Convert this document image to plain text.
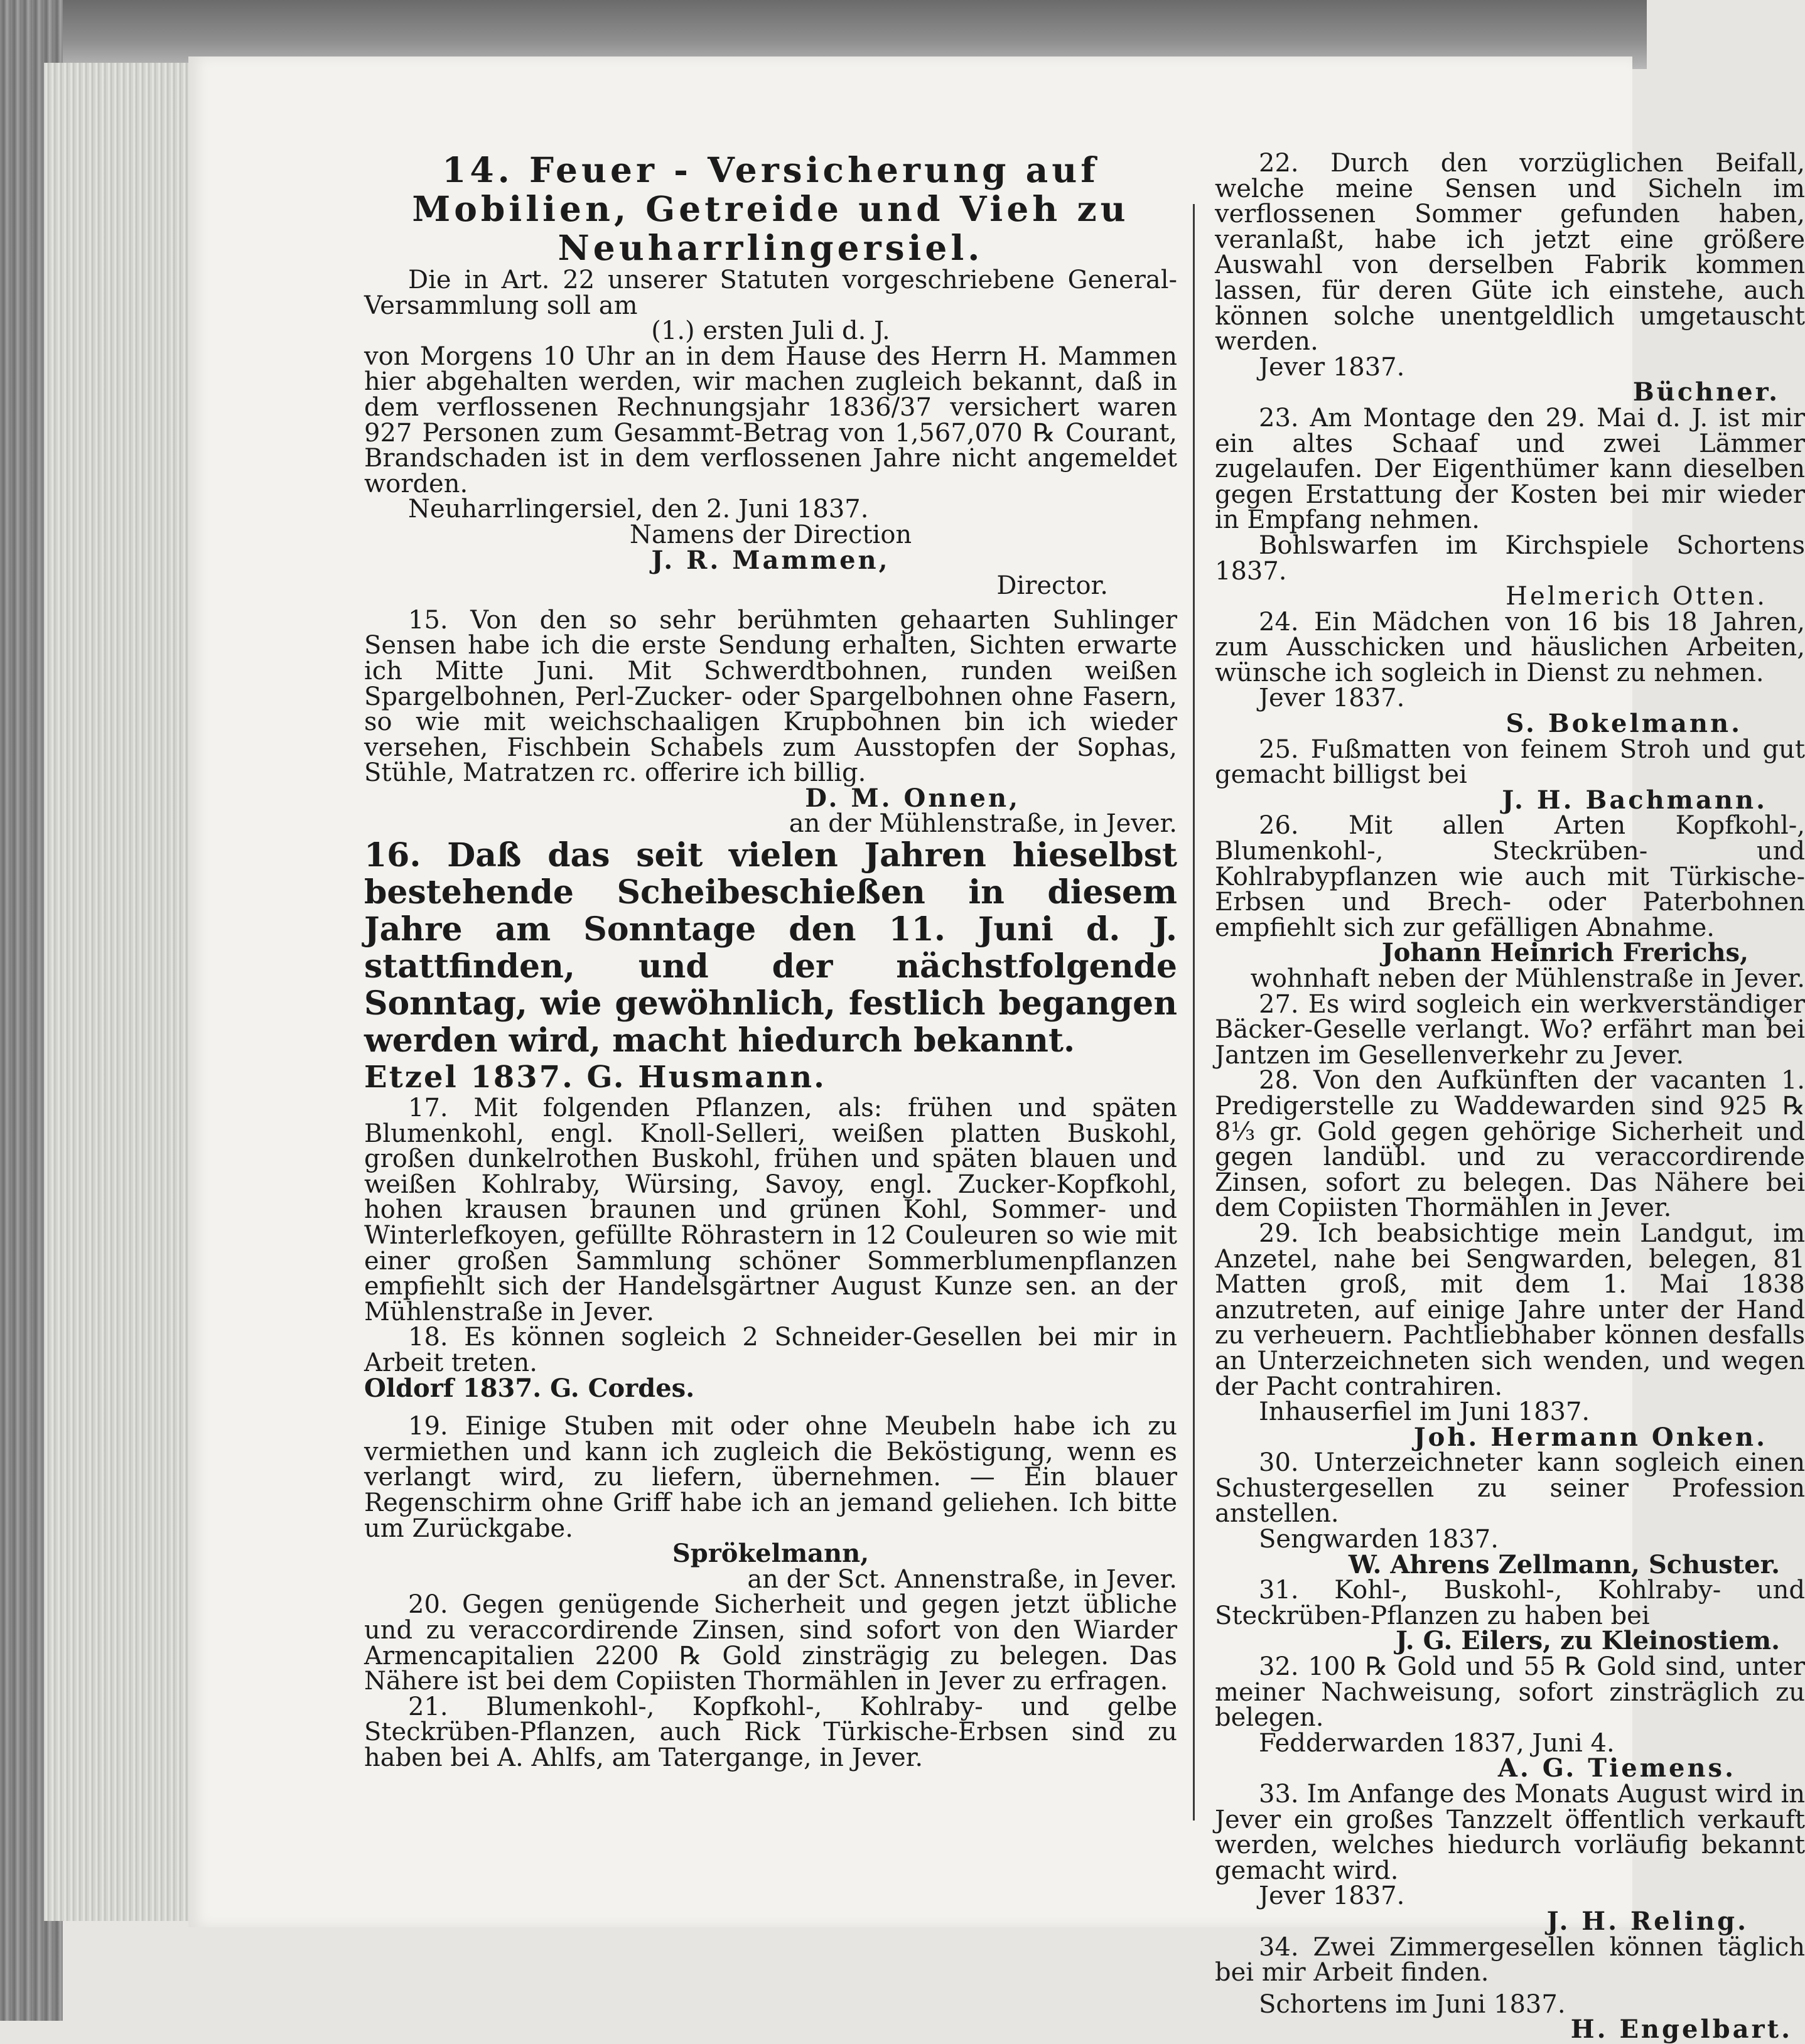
14. Feuer - Versicherung auf Mobilien, Getreide und Vieh zu Neuharrlingersiel.

Die in Art. 22 unserer Statuten vorgeschriebene General-Versammlung soll am

(1.) ersten Juli d. J.

von Morgens 10 Uhr an in dem Hause des Herrn H. Mammen hier abgehalten werden, wir machen zugleich bekannt, daß in dem verflossenen Rechnungsjahr 1836/37 versichert waren 927 Personen zum Gesammt-Betrag von 1,567,070 ℞ Courant, Brandschaden ist in dem verflossenen Jahre nicht angemeldet worden.

Neuharrlingersiel, den 2. Juni 1837.

Namens der Direction

J. R. Mammen,

Director.

15. Von den so sehr berühmten gehaarten Suhlinger Sensen habe ich die erste Sendung erhalten, Sichten erwarte ich Mitte Juni. Mit Schwerdtbohnen, runden weißen Spargelbohnen, Perl-Zucker- oder Spargelbohnen ohne Fasern, so wie mit weichschaaligen Krupbohnen bin ich wieder versehen, Fischbein Schabels zum Ausstopfen der Sophas, Stühle, Matratzen rc. offerire ich billig.

D. M. Onnen,

an der Mühlenstraße, in Jever.

16. Daß das seit vielen Jahren hieselbst bestehende Scheibeschießen in diesem Jahre am Sonntage den 11. Juni d. J. stattfinden, und der nächstfolgende Sonntag, wie gewöhnlich, festlich begangen werden wird, macht hiedurch bekannt.

Etzel 1837. G. Husmann.

17. Mit folgenden Pflanzen, als: frühen und späten Blumenkohl, engl. Knoll-Selleri, weißen platten Buskohl, großen dunkelrothen Buskohl, frühen und späten blauen und weißen Kohlraby, Würsing, Savoy, engl. Zucker-Kopfkohl, hohen krausen braunen und grünen Kohl, Sommer- und Winterlefkoyen, gefüllte Röhrastern in 12 Couleuren so wie mit einer großen Sammlung schöner Sommerblumenpflanzen empfiehlt sich der Handelsgärtner August Kunze sen. an der Mühlenstraße in Jever.

18. Es können sogleich 2 Schneider-Gesellen bei mir in Arbeit treten.

Oldorf 1837. G. Cordes.

19. Einige Stuben mit oder ohne Meubeln habe ich zu vermiethen und kann ich zugleich die Beköstigung, wenn es verlangt wird, zu liefern, übernehmen. — Ein blauer Regenschirm ohne Griff habe ich an jemand geliehen. Ich bitte um Zurückgabe.

Sprökelmann,

an der Sct. Annenstraße, in Jever.

20. Gegen genügende Sicherheit und gegen jetzt übliche und zu veraccordirende Zinsen, sind sofort von den Wiarder Armencapitalien 2200 ℞ Gold zinsträgig zu belegen. Das Nähere ist bei dem Copiisten Thormählen in Jever zu erfragen.

21. Blumenkohl-, Kopfkohl-, Kohlraby- und gelbe Steckrüben-Pflanzen, auch Rick Türkische-Erbsen sind zu haben bei A. Ahlfs, am Tatergange, in Jever.

22. Durch den vorzüglichen Beifall, welche meine Sensen und Sicheln im verflossenen Sommer gefunden haben, veranlaßt, habe ich jetzt eine größere Auswahl von derselben Fabrik kommen lassen, für deren Güte ich einstehe, auch können solche unentgeldlich umgetauscht werden.

Jever 1837.

Büchner.

23. Am Montage den 29. Mai d. J. ist mir ein altes Schaaf und zwei Lämmer zugelaufen. Der Eigenthümer kann dieselben gegen Erstattung der Kosten bei mir wieder in Empfang nehmen.

Bohlswarfen im Kirchspiele Schortens 1837.

Helmerich Otten.

24. Ein Mädchen von 16 bis 18 Jahren, zum Ausschicken und häuslichen Arbeiten, wünsche ich sogleich in Dienst zu nehmen.

Jever 1837.

S. Bokelmann.

25. Fußmatten von feinem Stroh und gut gemacht billigst bei

J. H. Bachmann.

26. Mit allen Arten Kopfkohl-, Blumenkohl-, Steckrüben- und Kohlrabypflanzen wie auch mit Türkische-Erbsen und Brech- oder Paterbohnen empfiehlt sich zur gefälligen Abnahme.

Johann Heinrich Frerichs,

wohnhaft neben der Mühlenstraße in Jever.

27. Es wird sogleich ein werkverständiger Bäcker-Geselle verlangt. Wo? erfährt man bei Jantzen im Gesellenverkehr zu Jever.

28. Von den Aufkünften der vacanten 1. Predigerstelle zu Waddewarden sind 925 ℞ 8⅓ gr. Gold gegen gehörige Sicherheit und gegen landübl. und zu veraccordirende Zinsen, sofort zu belegen. Das Nähere bei dem Copiisten Thormählen in Jever.

29. Ich beabsichtige mein Landgut, im Anzetel, nahe bei Sengwarden, belegen, 81 Matten groß, mit dem 1. Mai 1838 anzutreten, auf einige Jahre unter der Hand zu verheuern. Pachtliebhaber können desfalls an Unterzeichneten sich wenden, und wegen der Pacht contrahiren.

Inhauserfiel im Juni 1837.

Joh. Hermann Onken.

30. Unterzeichneter kann sogleich einen Schustergesellen zu seiner Profession anstellen.

Sengwarden 1837.

W. Ahrens Zellmann, Schuster.

31. Kohl-, Buskohl-, Kohlraby- und Steckrüben-Pflanzen zu haben bei

J. G. Eilers, zu Kleinostiem.

32. 100 ℞ Gold und 55 ℞ Gold sind, unter meiner Nachweisung, sofort zinsträglich zu belegen.

Fedderwarden 1837, Juni 4.

A. G. Tiemens.

33. Im Anfange des Monats August wird in Jever ein großes Tanzzelt öffentlich verkauft werden, welches hiedurch vorläufig bekannt gemacht wird.

Jever 1837.

J. H. Reling.

34. Zwei Zimmergesellen können täglich bei mir Arbeit finden.

Schortens im Juni 1837.

H. Engelbart.
